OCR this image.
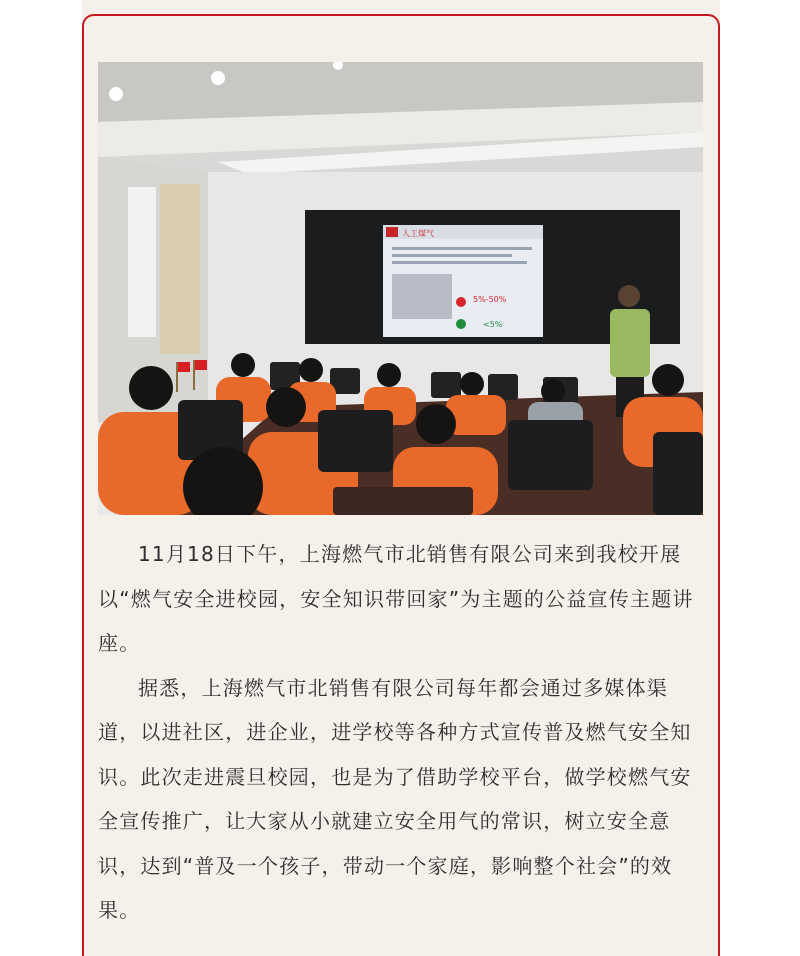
人工煤气
5%-50%
<5%

11月18日下午，上海燃气市北销售有限公司来到我校开展以“燃气安全进校园，安全知识带回家”为主题的公益宣传主题讲座。

据悉，上海燃气市北销售有限公司每年都会通过多媒体渠道，以进社区，进企业，进学校等各种方式宣传普及燃气安全知识。此次走进震旦校园，也是为了借助学校平台，做学校燃气安全宣传推广，让大家从小就建立安全用气的常识，树立安全意识，达到“普及一个孩子，带动一个家庭，影响整个社会”的效果。
